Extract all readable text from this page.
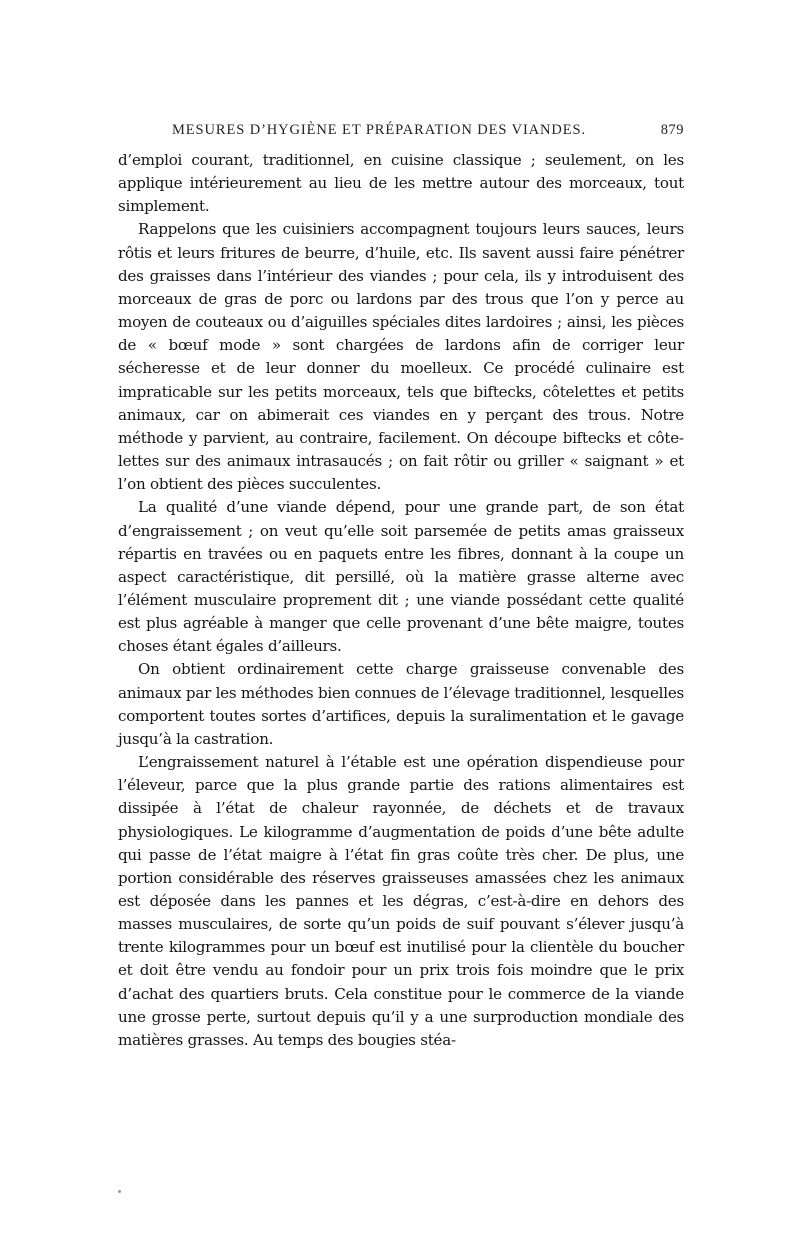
MESURES D’HYGIÈNE ET PRÉPARATION DES VIANDES.	879

d’emploi courant, traditionnel, en cuisine classique ; seulement, on les applique intérieurement au lieu de les mettre autour des morceaux, tout simplement.

Rappelons que les cuisiniers accompagnent toujours leurs sauces, leurs rôtis et leurs fritures de beurre, d’huile, etc. Ils savent aussi faire pénétrer des graisses dans l’intérieur des viandes ; pour cela, ils y introduisent des morceaux de gras de porc ou lardons par des trous que l’on y perce au moyen de couteaux ou d’aiguilles spéciales dites lardoires ; ainsi, les pièces de « bœuf mode » sont chargées de lardons afin de corriger leur sécheresse et de leur donner du moelleux. Ce procédé culinaire est impraticable sur les petits morceaux, tels que biftecks, côtelettes et petits animaux, car on abimerait ces viandes en y perçant des trous. Notre méthode y parvient, au contraire, facilement. On découpe biftecks et côtelettes sur des animaux intrasaucés ; on fait rôtir ou griller « saignant » et l’on obtient des pièces succulentes.

La qualité d’une viande dépend, pour une grande part, de son état d’engraissement ; on veut qu’elle soit parsemée de petits amas graisseux répartis en travées ou en paquets entre les fibres, donnant à la coupe un aspect caractéristique, dit persillé, où la matière grasse alterne avec l’élément musculaire proprement dit ; une viande possédant cette qualité est plus agréable à manger que celle provenant d’une bête maigre, toutes choses étant égales d’ailleurs.

On obtient ordinairement cette charge graisseuse convenable des animaux par les méthodes bien connues de l’élevage traditionnel, lesquelles comportent toutes sortes d’artifices, depuis la suralimentation et le gavage jusqu’à la castration.

L’engraissement naturel à l’étable est une opération dispendieuse pour l’éleveur, parce que la plus grande partie des rations alimentaires est dissipée à l’état de chaleur rayonnée, de déchets et de travaux physiologiques. Le kilogramme d’augmentation de poids d’une bête adulte qui passe de l’état maigre à l’état fin gras coûte très cher. De plus, une portion considérable des réserves graisseuses amassées chez les animaux est déposée dans les pannes et les dégras, c’est-à-dire en dehors des masses musculaires, de sorte qu’un poids de suif pouvant s’élever jusqu’à trente kilogrammes pour un bœuf est inutilisé pour la clientèle du boucher et doit être vendu au fondoir pour un prix trois fois moindre que le prix d’achat des quartiers bruts. Cela constitue pour le commerce de la viande une grosse perte, surtout depuis qu’il y a une surproduction mondiale des matières grasses. Au temps des bougies stéa-
